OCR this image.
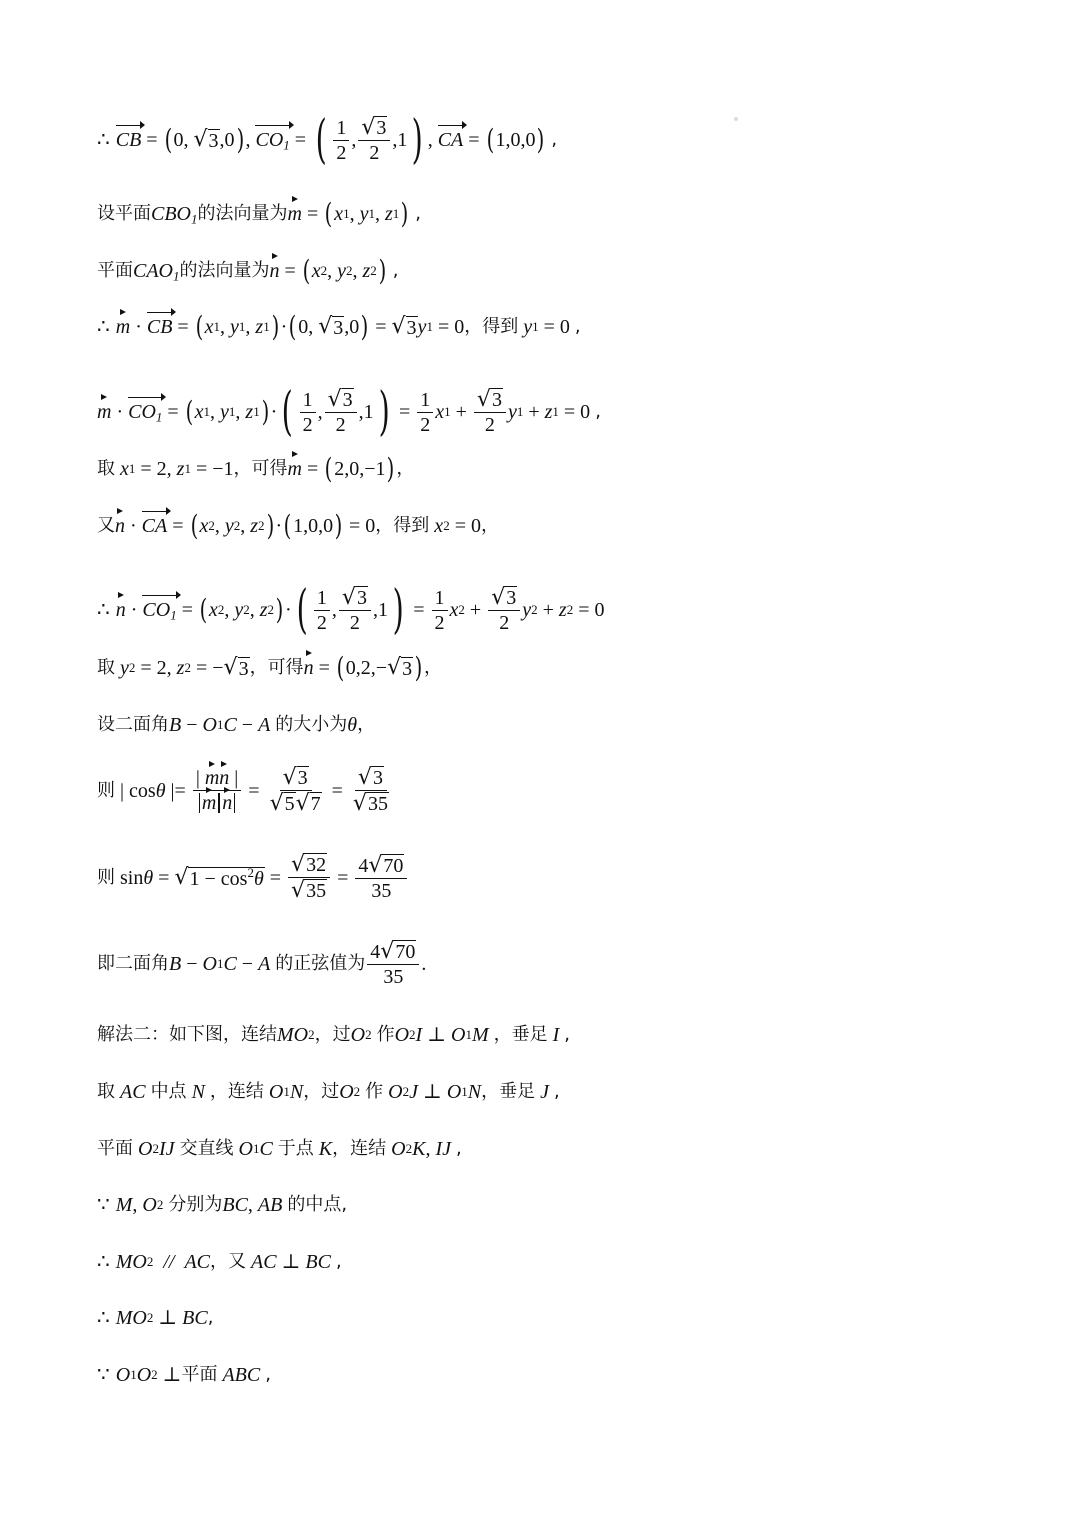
∴ CB = ( 0, √ 3 ,0 ) , $CO_1$ = ( $\frac{1}{2}$ , $\frac{√ 3}{2} ,1$ ) , CA = ( 1,0,0 )
,
设平面 $CBO_1$ 的法向量为 m = ( x 1 , y 1 , z 1 )
,
平面 $CAO_1$ 的法向量为 n = ( x 2 , y 2 , z 2 )
,
∴ m · CB = ( x 1 , y 1 , z 1 ) · ( 0, √ 3 ,0 ) = √ 3 y 1 = 0 ， 得到
y 1 = 0 ,
$m \cdot CO_1$ = ( x 1 , y 1 , z 1 ) · ( $\frac{1}{2}$ , $\frac{√ 3}{2} ,1$ ) = $\frac{1}{2}$ x $1 + \frac{√ 3}{2}$ y 1 + z 1 = 0 ,
取
x 1 = 2, z 1 = −1 ， 可得 m = ( 2,0,−1 ) ，
又 n · CA = ( x 2 , y 2 , z 2 ) · ( 1,0,0 ) = 0 ， 得到
x 2 = 0 ，
∴ $n \cdot CO_1$ = ( x 2 , y 2 , z 2 ) · ( $\frac{1}{2}$ , $\frac{√ 3}{2} ,1$ ) = $\frac{1}{2}$ x $2 + \frac{√ 3}{2}$ y 2 + z 2 = 0
取
y 2 = 2, z 2 = − √ 3 ， 可得 n = ( 0,2,− √ 3 ) ，
设二面角 B − O 1 C − A
的大小为 θ ，
则 | cos θ |= $\frac{| mn |}{\text{m n}} = \frac{√ 3}{√ 5 √ 7} = \frac{√ 3}{√ 35}$
则
sin θ = √ $1 - \cos^2\theta = \frac{√ 32}{√ 35} = \frac{4 √ 70}{35}$
即二面角 B − O 1 C − A
的正弦值为 $\frac{4 √ 70}{35}$ .
解法二：如下图，连结 MO 2 ， 过 O 2
作 O 2 I ⊥ O 1 M
， 垂足
I
,
取
AC
中点
N
， 连结
O 1 N ， 过 O 2
作
O 2 J ⊥ O 1 N ， 垂足
J
,
平面
O 2 IJ
交直线
O 1 C
于点
K ， 连结
O 2 K , IJ
,
∵ M , O 2
分别为 BC , AB
的中点 ,
∴ MO 2
//
AC ， 又
AC ⊥ BC
,
∴ MO 2 ⊥ BC ,
∵ O 1 O 2 ⊥ 平面
ABC
,
